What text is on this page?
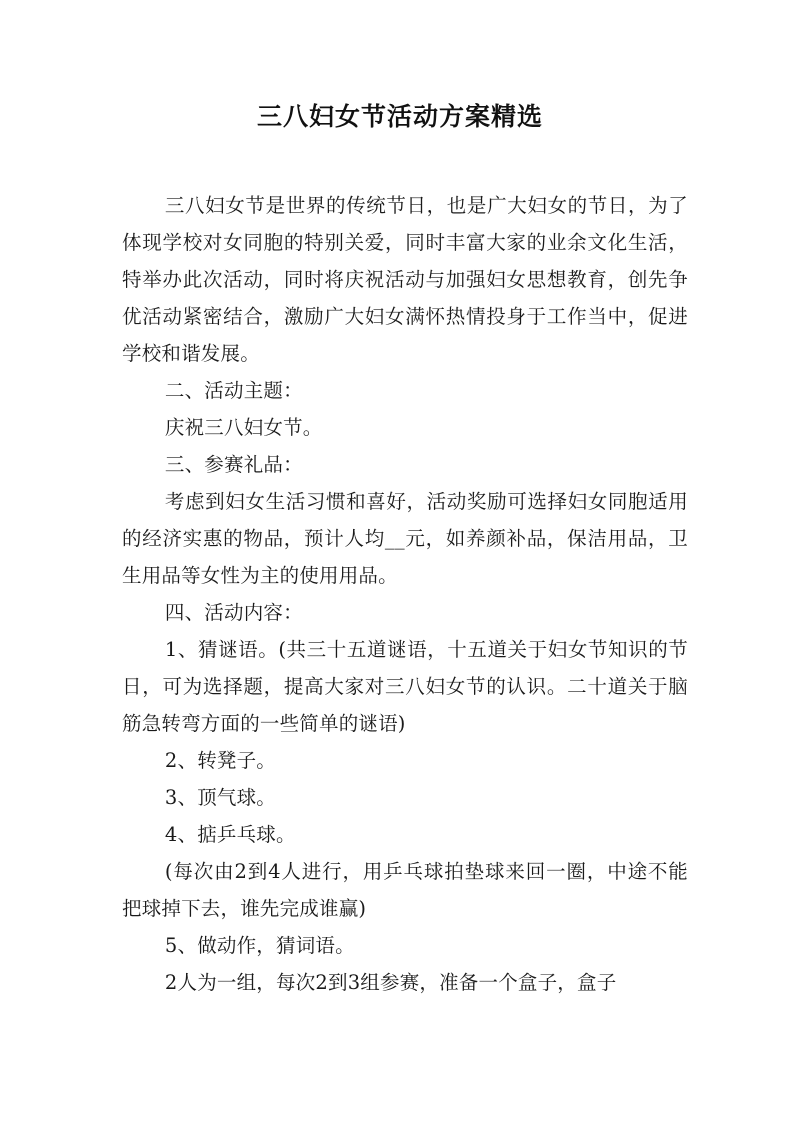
三八妇女节活动方案精选

三八妇女节是世界的传统节日，也是广大妇女的节日，为了体现学校对女同胞的特别关爱，同时丰富大家的业余文化生活，特举办此次活动，同时将庆祝活动与加强妇女思想教育，创先争优活动紧密结合，激励广大妇女满怀热情投身于工作当中，促进学校和谐发展。

二、活动主题：

庆祝三八妇女节。

三、参赛礼品：

考虑到妇女生活习惯和喜好，活动奖励可选择妇女同胞适用的经济实惠的物品，预计人均__元，如养颜补品，保洁用品，卫生用品等女性为主的使用用品。

四、活动内容：

1、猜谜语。(共三十五道谜语，十五道关于妇女节知识的节日，可为选择题，提高大家对三八妇女节的认识。二十道关于脑筋急转弯方面的一些简单的谜语)

2、转凳子。

3、顶气球。

4、掂乒乓球。

(每次由2到4人进行，用乒乓球拍垫球来回一圈，中途不能把球掉下去，谁先完成谁赢)

5、做动作，猜词语。

2人为一组，每次2到3组参赛，准备一个盒子，盒子
